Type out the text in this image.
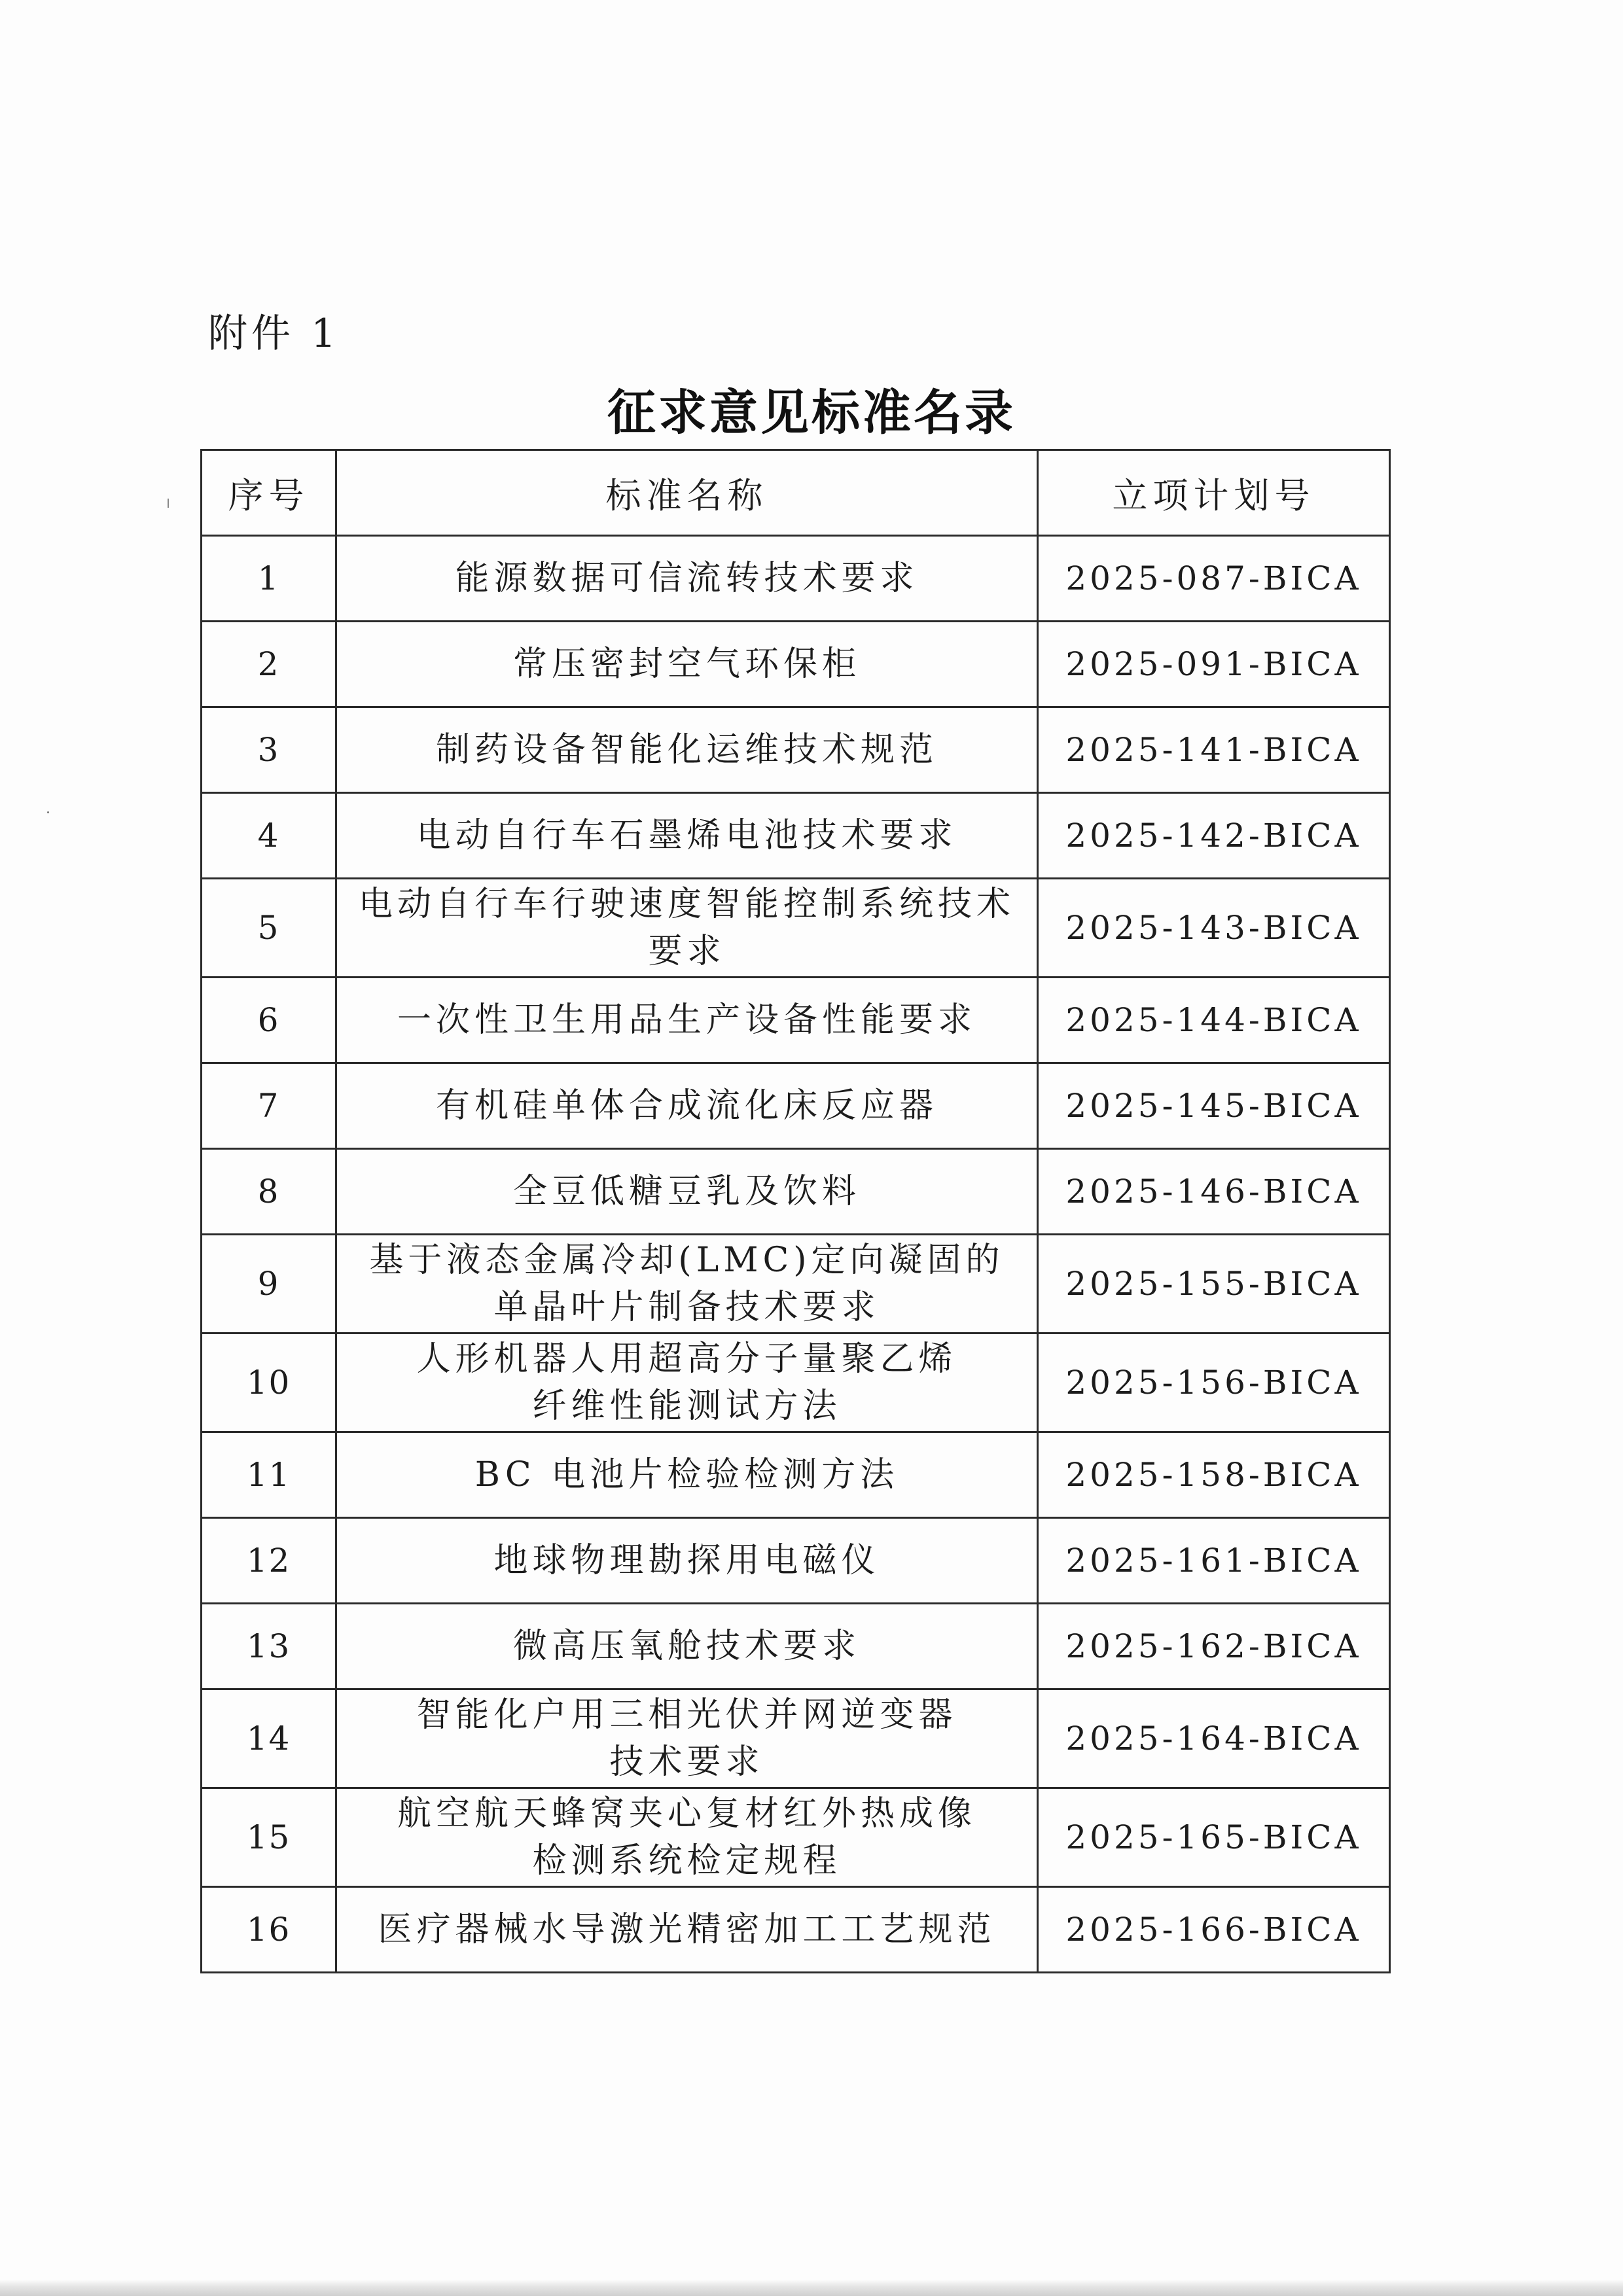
附件 1
征求意见标准名录
序号	标准名称	立项计划号
1	能源数据可信流转技术要求	2025-087-BICA
2	常压密封空气环保柜	2025-091-BICA
3	制药设备智能化运维技术规范	2025-141-BICA
4	电动自行车石墨烯电池技术要求	2025-142-BICA
5	电动自行车行驶速度智能控制系统技术
要求	2025-143-BICA
6	一次性卫生用品生产设备性能要求	2025-144-BICA
7	有机硅单体合成流化床反应器	2025-145-BICA
8	全豆低糖豆乳及饮料	2025-146-BICA
9	基于液态金属冷却(LMC)定向凝固的
单晶叶片制备技术要求	2025-155-BICA
10	人形机器人用超高分子量聚乙烯
纤维性能测试方法	2025-156-BICA
11	BC 电池片检验检测方法	2025-158-BICA
12	地球物理勘探用电磁仪	2025-161-BICA
13	微高压氧舱技术要求	2025-162-BICA
14	智能化户用三相光伏并网逆变器
技术要求	2025-164-BICA
15	航空航天蜂窝夹心复材红外热成像
检测系统检定规程	2025-165-BICA
16	医疗器械水导激光精密加工工艺规范	2025-166-BICA
